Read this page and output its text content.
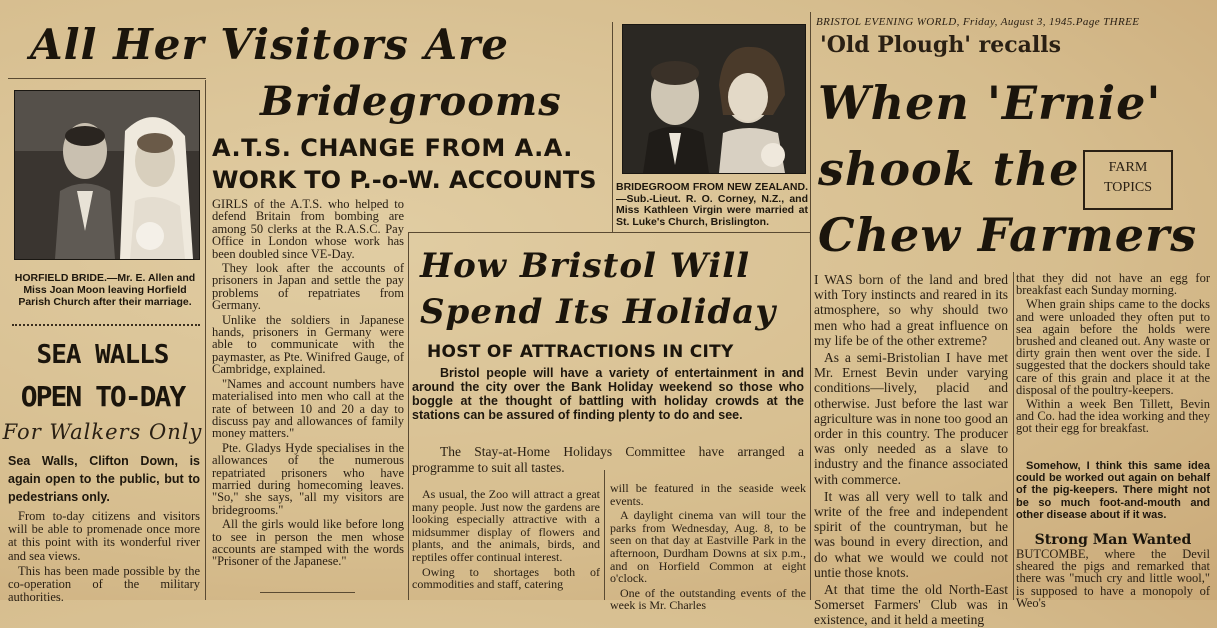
All Her Visitors Are
Bridegrooms
A.T.S. CHANGE FROM A.A.
WORK TO P.-o-W. ACCOUNTS
HORFIELD BRIDE.—Mr. E. Allen and Miss Joan Moon leaving Horfield Parish Church after their marriage.
SEA WALLS
OPEN TO-DAY
For Walkers Only
Sea Walls, Clifton Down, is again open to the public, but to pedestrians only.

From to-day citizens and visitors will be able to promenade once more at this point with its wonderful river and sea views.

This has been made possible by the co-operation of the military authorities.

GIRLS of the A.T.S. who helped to defend Britain from bombing are among 50 clerks at the R.A.S.C. Pay Office in London whose work has been doubled since VE-Day.

They look after the accounts of prisoners in Japan and settle the pay problems of repatriates from Germany.

Unlike the soldiers in Japanese hands, prisoners in Germany were able to communicate with the paymaster, as Pte. Winifred Gauge, of Cambridge, explained.

"Names and account numbers have materialised into men who call at the rate of between 10 and 20 a day to discuss pay and allowances of family money matters."

Pte. Gladys Hyde specialises in the allowances of the numerous repatriated prisoners who have married during homecoming leaves. "So," she says, "all my visitors are bridegrooms."

All the girls would like before long to see in person the men whose accounts are stamped with the words "Prisoner of the Japanese."

BRIDEGROOM FROM NEW ZEALAND.—Sub.-Lieut. R. O. Corney, N.Z., and Miss Kathleen Virgin were married at St. Luke's Church, Brislington.
How Bristol Will
Spend Its Holiday
HOST OF ATTRACTIONS IN CITY
Bristol people will have a variety of entertainment in and around the city over the Bank Holiday weekend so those who boggle at the thought of battling with holiday crowds at the stations can be assured of finding plenty to do and see.
The Stay-at-Home Holidays Committee have arranged a programme to suit all tastes.

As usual, the Zoo will attract a great many people. Just now the gardens are looking especially attractive with a midsummer display of flowers and plants, and the animals, birds, and reptiles offer continual interest.

Owing to shortages both of commodities and staff, catering

will be featured in the seaside week events.

A daylight cinema van will tour the parks from Wednesday, Aug. 8, to be seen on that day at Eastville Park in the afternoon, Durdham Downs at six p.m., and on Horfield Common at eight o'clock.

One of the outstanding events of the week is Mr. Charles

BRISTOL EVENING WORLD, Friday, August 3, 1945.Page THREE
'Old Plough' recalls
When 'Ernie'
shook the
Chew Farmers
FARM TOPICS

I WAS born of the land and bred with Tory instincts and reared in its atmosphere, so why should two men who had a great influence on my life be of the other extreme?

As a semi-Bristolian I have met Mr. Ernest Bevin under varying conditions—lively, placid and otherwise. Just before the last war agriculture was in none too good an order in this country. The producer was only needed as a slave to industry and the finance associated with commerce.

It was all very well to talk and write of the free and independent spirit of the countryman, but he was bound in every direction, and do what we would we could not untie those knots.

At that time the old North-East Somerset Farmers' Club was in existence, and it held a meeting

that they did not have an egg for breakfast each Sunday morning.

When grain ships came to the docks and were unloaded they often put to sea again before the holds were brushed and cleaned out. Any waste or dirty grain then went over the side. I suggested that the dockers should take care of this grain and place it at the disposal of the poultry-keepers.

Within a week Ben Tillett, Bevin and Co. had the idea working and they got their egg for breakfast.

Somehow, I think this same idea could be worked out again on behalf of the pig-keepers. There might not be so much foot-and-mouth and other disease about if it was.
Strong Man Wanted
BUTCOMBE, where the Devil sheared the pigs and remarked that there was "much cry and little wool," is supposed to have a monopoly of Weo's
